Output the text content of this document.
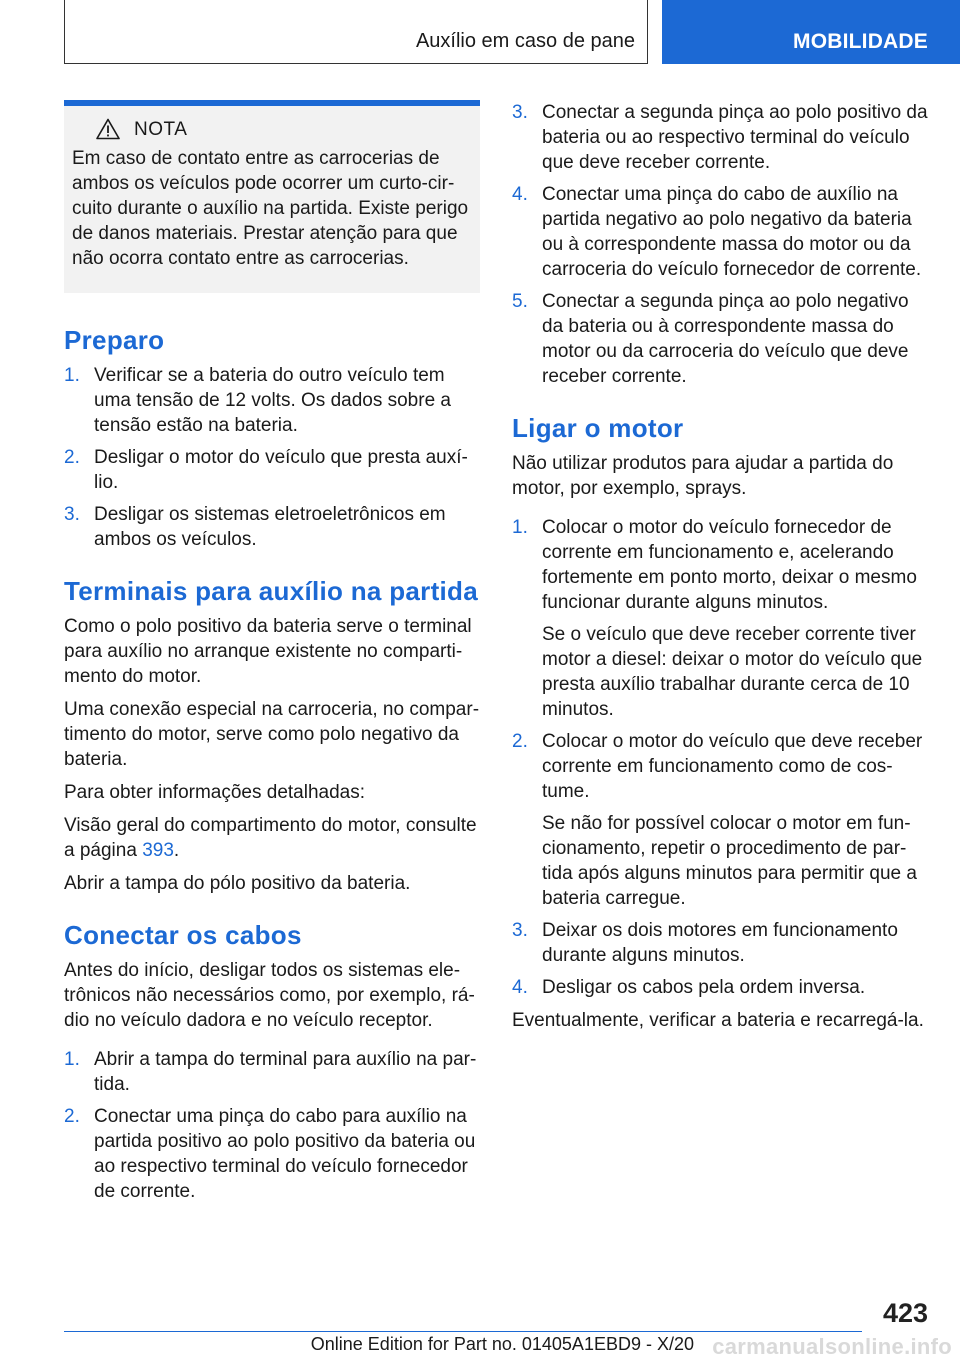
Auxílio em caso de pane	MOBILIDADE
NOTA
Em caso de contato entre as carrocerias de ambos os veículos pode ocorrer um curto-circuito durante o auxílio na partida. Existe perigo de danos materiais. Prestar atenção para que não ocorra contato entre as carrocerias.
Preparo
1. Verificar se a bateria do outro veículo tem uma tensão de 12 volts. Os dados sobre a tensão estão na bateria.
2. Desligar o motor do veículo que presta auxílio.
3. Desligar os sistemas eletroeletrônicos em ambos os veículos.
Terminais para auxílio na partida

Como o polo positivo da bateria serve o terminal para auxílio no arranque existente no compartimento do motor.

Uma conexão especial na carroceria, no compartimento do motor, serve como polo negativo da bateria.

Para obter informações detalhadas:

Visão geral do compartimento do motor, consulte a página 393.

Abrir a tampa do pólo positivo da bateria.

Conectar os cabos

Antes do início, desligar todos os sistemas eletrônicos não necessários como, por exemplo, rádio no veículo dadora e no veículo receptor.

1. Abrir a tampa do terminal para auxílio na partida.
2. Conectar uma pinça do cabo para auxílio na partida positivo ao polo positivo da bateria ou ao respectivo terminal do veículo fornecedor de corrente.
3. Conectar a segunda pinça ao polo positivo da bateria ou ao respectivo terminal do veículo que deve receber corrente.
4. Conectar uma pinça do cabo de auxílio na partida negativo ao polo negativo da bateria ou à correspondente massa do motor ou da carroceria do veículo fornecedor de corrente.
5. Conectar a segunda pinça ao polo negativo da bateria ou à correspondente massa do motor ou da carroceria do veículo que deve receber corrente.
Ligar o motor

Não utilizar produtos para ajudar a partida do motor, por exemplo, sprays.

1. Colocar o motor do veículo fornecedor de corrente em funcionamento e, acelerando fortemente em ponto morto, deixar o mesmo funcionar durante alguns minutos.
Se o veículo que deve receber corrente tiver motor a diesel: deixar o motor do veículo que presta auxílio trabalhar durante cerca de 10 minutos.
2. Colocar o motor do veículo que deve receber corrente em funcionamento como de costume.
Se não for possível colocar o motor em funcionamento, repetir o procedimento de partida após alguns minutos para permitir que a bateria carregue.
3. Deixar os dois motores em funcionamento durante alguns minutos.
4. Desligar os cabos pela ordem inversa.

Eventualmente, verificar a bateria e recarregá-la.

423
Online Edition for Part no. 01405A1EBD9 - X/20 carmanualsonline.info
